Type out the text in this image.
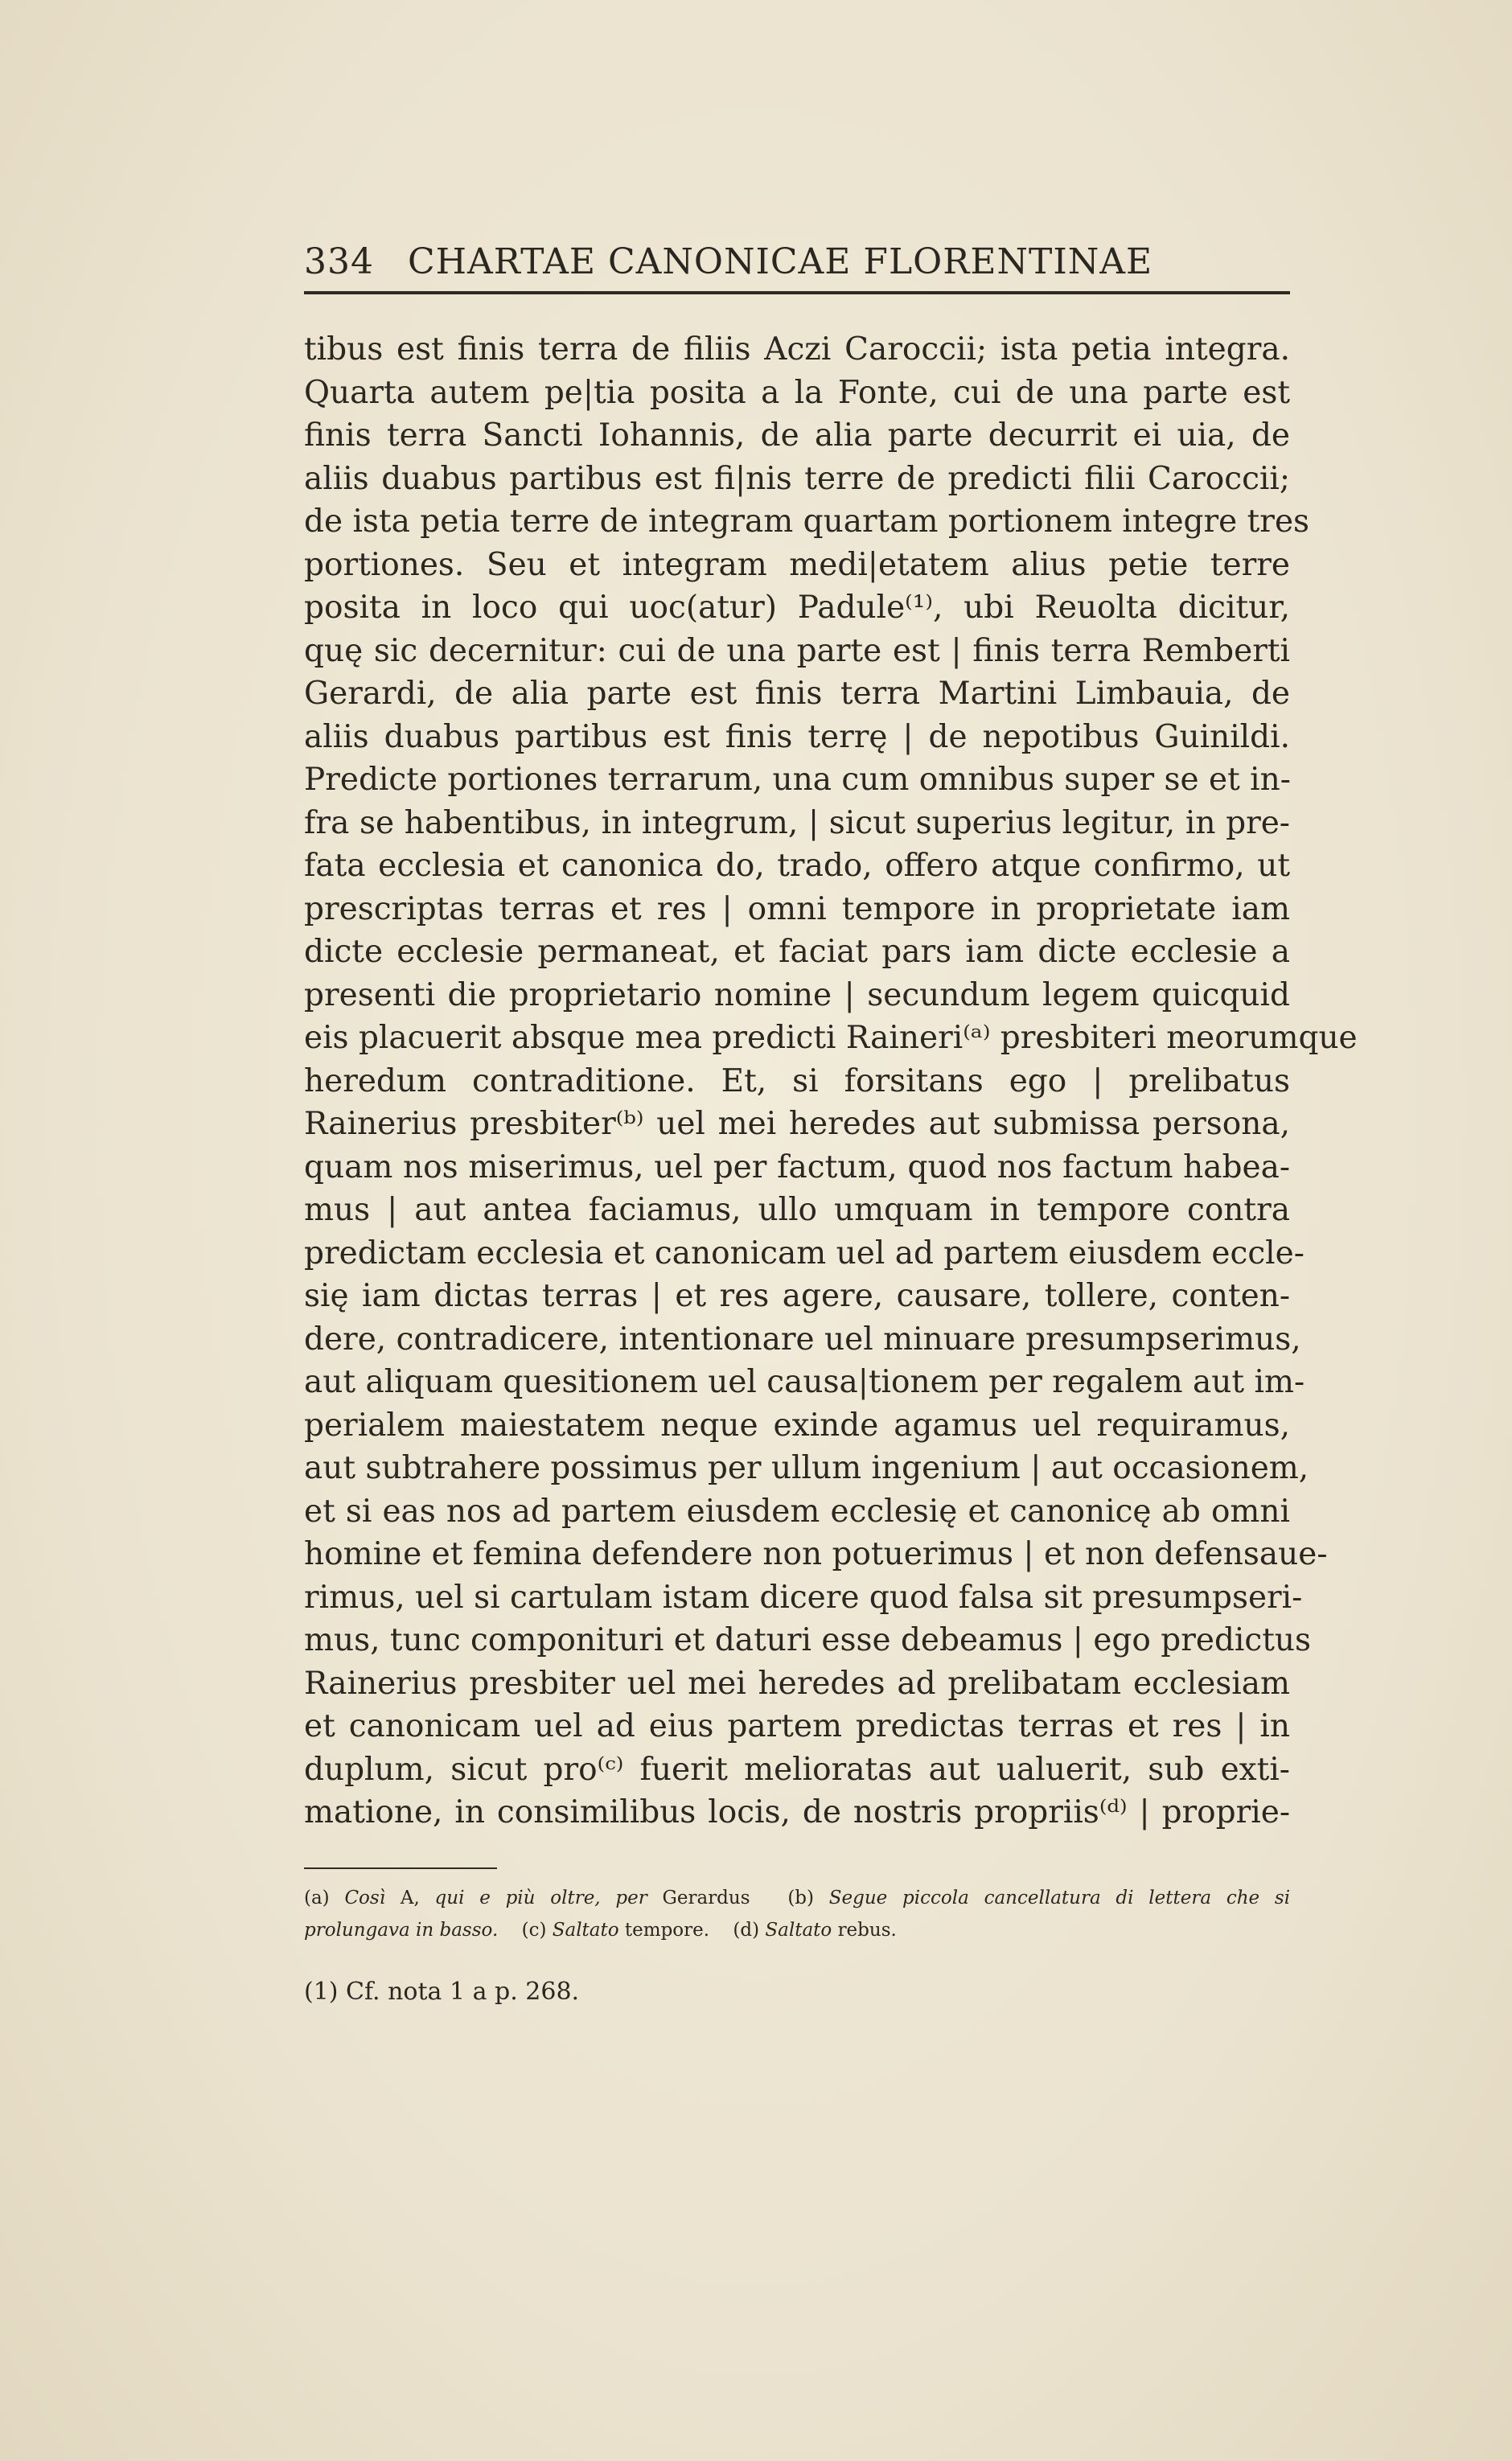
334 CHARTAE CANONICAE FLORENTINAE
tibus est finis terra de filiis Aczi Caroccii; ista petia integra.
Quarta autem pe|tia posita a la Fonte, cui de una parte est
finis terra Sancti Iohannis, de alia parte decurrit ei uia, de
aliis duabus partibus est fi|nis terre de predicti filii Caroccii;
de ista petia terre de integram quartam portionem integre tres
portiones. Seu et integram medi|etatem alius petie terre
posita in loco qui uoc(atur) Padule⁽¹⁾, ubi Reuolta dicitur,
quę sic decernitur: cui de una parte est | finis terra Remberti
Gerardi, de alia parte est finis terra Martini Limbauia, de
aliis duabus partibus est finis terrę | de nepotibus Guinildi.
Predicte portiones terrarum, una cum omnibus super se et in-
fra se habentibus, in integrum, | sicut superius legitur, in pre-
fata ecclesia et canonica do, trado, offero atque confirmo, ut
prescriptas terras et res | omni tempore in proprietate iam
dicte ecclesie permaneat, et faciat pars iam dicte ecclesie a
presenti die proprietario nomine | secundum legem quicquid
eis placuerit absque mea predicti Raineri⁽ᵃ⁾ presbiteri meorumque
heredum contraditione. Et, si forsitans ego | prelibatus
Rainerius presbiter⁽ᵇ⁾ uel mei heredes aut submissa persona,
quam nos miserimus, uel per factum, quod nos factum habea-
mus | aut antea faciamus, ullo umquam in tempore contra
predictam ecclesia et canonicam uel ad partem eiusdem eccle-
się iam dictas terras | et res agere, causare, tollere, conten-
dere, contradicere, intentionare uel minuare presumpserimus,
aut aliquam quesitionem uel causa|tionem per regalem aut im-
perialem maiestatem neque exinde agamus uel requiramus,
aut subtrahere possimus per ullum ingenium | aut occasionem,
et si eas nos ad partem eiusdem ecclesię et canonicę ab omni
homine et femina defendere non potuerimus | et non defensaue-
rimus, uel si cartulam istam dicere quod falsa sit presumpseri-
mus, tunc componituri et daturi esse debeamus | ego predictus
Rainerius presbiter uel mei heredes ad prelibatam ecclesiam
et canonicam uel ad eius partem predictas terras et res | in
duplum, sicut pro⁽ᶜ⁾ fuerit melioratas aut ualuerit, sub exti-
matione, in consimilibus locis, de nostris propriis⁽ᵈ⁾ | proprie-
(a) Così A, qui e più oltre, per Gerardus (b) Segue piccola cancellatura di lettera che si
prolungava in basso. (c) Saltato tempore. (d) Saltato rebus.
(1) Cf. nota 1 a p. 268.
